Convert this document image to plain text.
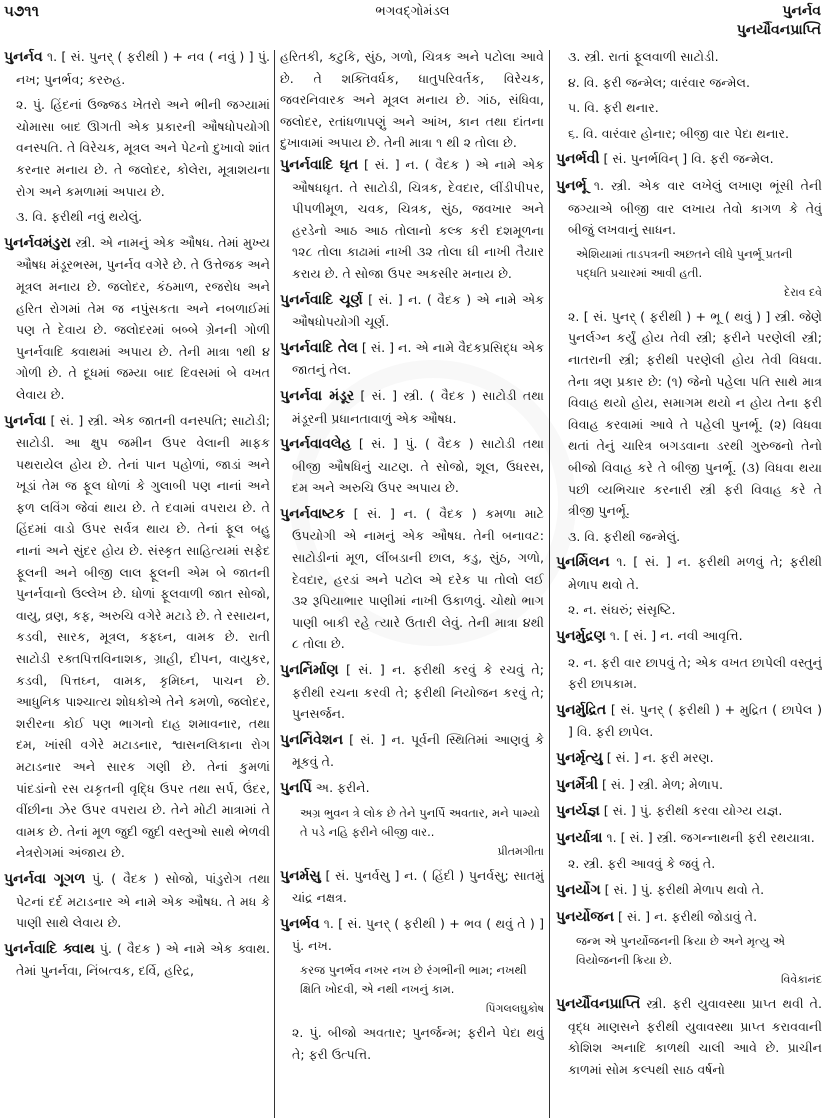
૫૭૧૧	ભગવદ્ગોમંડલ	પુનર્નવ
પુનર્યૌવનપ્રાપ્તિ
પુનર્નવ ૧. [ સં. પુનર્ ( ફરીથી ) + નવ ( નવું ) ] પું. નખ; પુનર્ભવ; કરરુહ.
૨. પું. હિંદનાં ઉજ્જડ ખેતરો અને ભીની જગ્યામાં ચોમાસા બાદ ઊગતી એક પ્રકારની ઔષધોપયોગી વનસ્પતિ. તે વિરેચક, મૂત્રલ અને પેટનો દુખાવો શાંત કરનાર મનાય છે. તે જલોદર, કોલેરા, મૂત્રાશયના રોગ અને કમળામાં અપાય છે.
૩. વિ. ફરીથી નવું થયેલું.
પુનર્નવમંડુરા સ્ત્રી. એ નામનું એક ઔષધ. તેમાં મુખ્ય ઔષધ મંડૂરભસ્મ, પુનર્નવ વગેરે છે. તે ઉત્તેજક અને મૂત્રલ મનાય છે. જલોદર, કંઠમાળ, રજરોધ અને હરિત રોગમાં તેમ જ નપુંસકતા અને નબળાઈમાં પણ તે દેવાય છે. જલોદરમાં બબ્બે ગ્રેનની ગોળી પુનર્નવાદિ ક્વાથમાં અપાય છે. તેની માત્રા ૧થી ૪ ગોળી છે. તે દૂધમાં જમ્યા બાદ દિવસમાં બે વખત લેવાય છે.
પુનર્નવા [ સં. ] સ્ત્રી. એક જાતની વનસ્પતિ; સાટોડી; સાટોડી. આ ક્ષુપ જમીન ઉપર વેલાની માફક પથરાયેલ હોય છે. તેનાં પાન પહોળાં, જાડાં અને ખૂડાં તેમ જ ફૂલ ધોળાં કે ગુલાબી પણ નાનાં અને ફળ લવિંગ જેવાં થાય છે. તે દવામાં વપરાય છે. તે હિંદમાં વાડો ઉપર સર્વત્ર થાય છે. તેનાં ફૂલ બહુ નાનાં અને સુંદર હોય છે. સંસ્કૃત સાહિત્યમાં સફેદ ફૂલની અને બીજી લાલ ફૂલની એમ બે જાતની પુનર્નવાનો ઉલ્લેખ છે. ધોળાં ફૂલવાળી જાત સોજો, વાયુ, વ્રણ, કફ, અરુચિ વગેરે મટાડે છે. તે રસાયન, કડવી, સારક, મૂત્રલ, કફઘ્ન, વામક છે. રાતી સાટોડી રક્તપિત્તવિનાશક, ગ્રાહી, દીપન, વાયુકર, કડવી, પિત્તઘ્ન, વામક, કૃમિઘ્ન, પાચન છે. આધુનિક પાશ્ચાત્ય શોધકોએ તેને કમળો, જલોદર, શરીરના કોઈ પણ ભાગનો દાહ શમાવનાર, તથા દમ, ખાંસી વગેરે મટાડનાર, શ્વાસનલિકાના રોગ મટાડનાર અને સારક ગણી છે. તેનાં કુમળાં પાંદડાંનો રસ યકૃતની વૃદ્ધિ ઉપર તથા સર્પ, ઉંદર, વીંછીના ઝેર ઉપર વપરાય છે. તેને મોટી માત્રામાં તે વામક છે. તેનાં મૂળ જુદી જુદી વસ્તુઓ સાથે ભેળવી નેત્રરોગમાં અંજાય છે.
પુનર્નવા ગૂગળ પું. ( વૈદક ) સોજો, પાંડુરોગ તથા પેટનાં દર્દ મટાડનાર એ નામે એક ઔષધ. તે મધ કે પાણી સાથે લેવાય છે.
પુનર્નવાદિ ક્વાથ પું. ( વૈદક ) એ નામે એક ક્વાથ. તેમાં પુનર્નવા, નિંબત્વક, દર્વિ, હરિદ્ર,
હરિતકી, કટુકિ, સુંઠ, ગળો, ચિત્રક અને પટોલા આવે છે. તે શક્તિવર્ધક, ધાતુપરિવર્તક, વિરેચક, જવરનિવારક અને મૂત્રલ મનાય છે. ગાંઠ, સંધિવા, જલોદર, રતાંધળાપણું અને આંખ, કાન તથા દાંતના દુખાવામાં અપાય છે. તેની માત્રા ૧ થી ૨ તોલા છે.
પુનર્નવાદિ ઘૃત [ સં. ] ન. ( વૈદક ) એ નામે એક ઔષધઘૃત. તે સાટોડી, ચિત્રક, દેવદાર, લીંડીપીપર, પીપળીમૂળ, ચવક, ચિત્રક, સુંઠ, જવખાર અને હરડેનો આઠ આઠ તોલાનો કલ્ક કરી દશમૂળના ૧૨૮ તોલા કાઢામાં નાખી ૩૨ તોલા ઘી નાખી તૈયાર કરાય છે. તે સોજા ઉપર અકસીર મનાય છે.
પુનર્નવાદિ ચૂર્ણ [ સં. ] ન. ( વૈદક ) એ નામે એક ઔષધોપયોગી ચૂર્ણ.
પુનર્નવાદિ તેલ [ સં. ] ન. એ નામે વૈદકપ્રસિદ્ધ એક જાતનું તેલ.
પુનર્નવા મંડૂર [ સં. ] સ્ત્રી. ( વૈદક ) સાટોડી તથા મંડૂરની પ્રધાનતાવાળું એક ઔષધ.
પુનર્નવાવલેહ [ સં. ] પું. ( વૈદક ) સાટોડી તથા બીજી ઔષધિનું ચાટણ. તે સોજો, શૂલ, ઉધરસ, દમ અને અરુચિ ઉપર અપાય છે.
પુનર્નવાષ્ટક [ સં. ] ન. ( વૈદક ) કમળા માટે ઉપયોગી એ નામનું એક ઔષધ. તેની બનાવટ: સાટોડીનાં મૂળ, લીંબડાની છાલ, કડુ, સુંઠ, ગળો, દેવદાર, હરડાં અને પટોલ એ દરેક પા તોલો લઈ ૩૨ રૂપિયાભાર પાણીમાં નાખી ઉકાળવું. ચોથો ભાગ પાણી બાકી રહે ત્યારે ઉતારી લેવું. તેની માત્રા ૪થી ૮ તોલા છે.
પુનર્નિર્માણ [ સં. ] ન. ફરીથી કરવું કે રચવું તે; ફરીથી રચના કરવી તે; ફરીથી નિયોજન કરવું તે; પુનસર્જન.
પુનર્નિવેશન [ સં. ] ન. પૂર્વની સ્થિતિમાં આણવું કે મૂકવું તે.
પુનર્પિ અ. ફરીને.
અગ્ર ભુવન ત્રે લોક છે તેને પુનર્પિ અવતાર, મને પામ્યો તે પડે નહિ ફરીને બીજી વાર..
પ્રીતમગીતા
પુનર્મસુ [ સં. પુનર્વસુ ] ન. ( હિંદી ) પુનર્વસુ; સાતમું ચાંદ્ર નક્ષત્ર.
પુનર્ભવ ૧. [ સં. પુનર્ ( ફરીથી ) + ભવ ( થવું તે ) ] પું. નખ.
કરજ પુનર્ભવ નખર નખ છે રંગભીની ભામ; નખથી ક્ષિતિ ખોદવી, એ નથી નખનું કામ.
પિંગલલઘુકોષ
૨. પું. બીજો અવતાર; પુનર્જન્મ; ફરીને પેદા થવું તે; ફરી ઉત્પત્તિ.
૩. સ્ત્રી. રાતાં ફૂલવાળી સાટોડી.
૪. વિ. ફરી જન્મેલ; વારંવાર જન્મેલ.
૫. વિ. ફરી થનાર.
૬. વિ. વારંવાર હોનાર; બીજી વાર પેદા થનાર.
પુનર્ભવી [ સં. પુનર્ભવિન્ ] વિ. ફરી જન્મેલ.
પુનર્ભૂ ૧. સ્ત્રી. એક વાર લખેલું લખાણ ભૂંસી તેની જગ્યાએ બીજી વાર લખાય તેવો કાગળ કે તેવું બીજું લખવાનું સાધન.
એશિયામાં તાડપત્રની અછતને લીધે પુનર્ભૂ પ્રતની પદ્ધતિ પ્રચારમાં આવી હતી.
દેરાવ દવે
૨. [ સં. પુનર્ ( ફરીથી ) + ભૂ ( થવું ) ] સ્ત્રી. જેણે પુનર્લગ્ન કર્યું હોય તેવી સ્ત્રી; ફરીને પરણેલી સ્ત્રી; નાતરાની સ્ત્રી; ફરીથી પરણેલી હોય તેવી વિધવા. તેના ત્રણ પ્રકાર છે: (૧) જેનો પહેલા પતિ સાથે માત્ર વિવાહ થયો હોય, સમાગમ થયો ન હોય તેના ફરી વિવાહ કરવામાં આવે તે પહેલી પુનર્ભૂ. (૨) વિધવા થતાં તેનું ચારિત્ર બગડવાના ડરથી ગુરુજનો તેનો બીજો વિવાહ કરે તે બીજી પુનર્ભૂ. (૩) વિધવા થયા પછી વ્યભિચાર કરનારી સ્ત્રી ફરી વિવાહ કરે તે ત્રીજી પુનર્ભૂ.
૩. વિ. ફરીથી જન્મેલું.
પુનર્મિલન ૧. [ સં. ] ન. ફરીથી મળવું તે; ફરીથી મેળાપ થવો તે.
૨. ન. સંઘરું; સંસૃષ્ટિ.
પુનર્મુદ્રણ ૧. [ સં. ] ન. નવી આવૃત્તિ.
૨. ન. ફરી વાર છાપવું તે; એક વખત છાપેલી વસ્તુનું ફરી છાપકામ.
પુનર્મુદ્રિત [ સં. પુનર્ ( ફરીથી ) + મુદ્રિત ( છાપેલ ) ] વિ. ફરી છાપેલ.
પુનર્મૃત્યુ [ સં. ] ન. ફરી મરણ.
પુનર્મૈત્રી [ સં. ] સ્ત્રી. મેળ; મેળાપ.
પુનર્યજ્ઞ [ સં. ] પું. ફરીથી કરવા યોગ્ય યજ્ઞ.
પુનર્યાત્રા ૧. [ સં. ] સ્ત્રી. જગન્નાથની ફરી રથયાત્રા.
૨. સ્ત્રી. ફરી આવવું કે જવું તે.
પુનર્યોગ [ સં. ] પું. ફરીથી મેળાપ થવો તે.
પુનર્યોજન [ સં. ] ન. ફરીથી જોડાવું તે.
જન્મ એ પુનર્યોજનની ક્રિયા છે અને મૃત્યુ એ વિયોજનની ક્રિયા છે.
વિવેકાનંદ
પુનર્યૌવનપ્રાપ્તિ સ્ત્રી. ફરી યુવાવસ્થા પ્રાપ્ત થવી તે. વૃદ્ધ માણસને ફરીથી યુવાવસ્થા પ્રાપ્ત કરાવવાની કોશિશ અનાદિ કાળથી ચાલી આવે છે. પ્રાચીન કાળમાં સોમ કલ્પથી સાઠ વર્ષનો
